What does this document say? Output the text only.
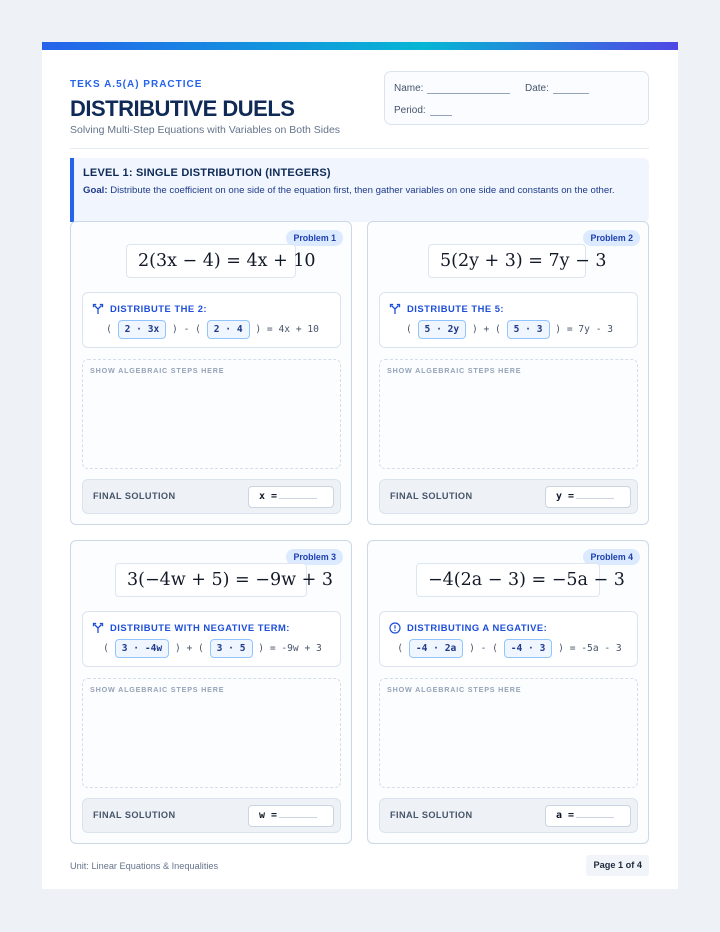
TEKS A.5(A) PRACTICE
DISTRIBUTIVE DUELS
Solving Multi-Step Equations with Variables on Both Sides
Name:	Date:
Period:
LEVEL 1: SINGLE DISTRIBUTION (INTEGERS)
Goal: Distribute the coefficient on one side of the equation first, then gather variables on one side and constants on the other.
Problem 1
2(3x − 4) = 4x + 10
DISTRIBUTE THE 2:
( 2 · 3x ) - ( 2 · 4 ) = 4x + 10
SHOW ALGEBRAIC STEPS HERE
FINAL SOLUTION	x =
Problem 2
5(2y + 3) = 7y − 3
DISTRIBUTE THE 5:
( 5 · 2y ) + ( 5 · 3 ) = 7y - 3
SHOW ALGEBRAIC STEPS HERE
FINAL SOLUTION	y =
Problem 3
3(−4w + 5) = −9w + 3
DISTRIBUTE WITH NEGATIVE TERM:
( 3 · -4w ) + ( 3 · 5 ) = -9w + 3
SHOW ALGEBRAIC STEPS HERE
FINAL SOLUTION	w =
Problem 4
−4(2a − 3) = −5a − 3
DISTRIBUTING A NEGATIVE:
( -4 · 2a ) - ( -4 · 3 ) = -5a - 3
SHOW ALGEBRAIC STEPS HERE
FINAL SOLUTION	a =
Unit: Linear Equations & Inequalities	Page 1 of 4
